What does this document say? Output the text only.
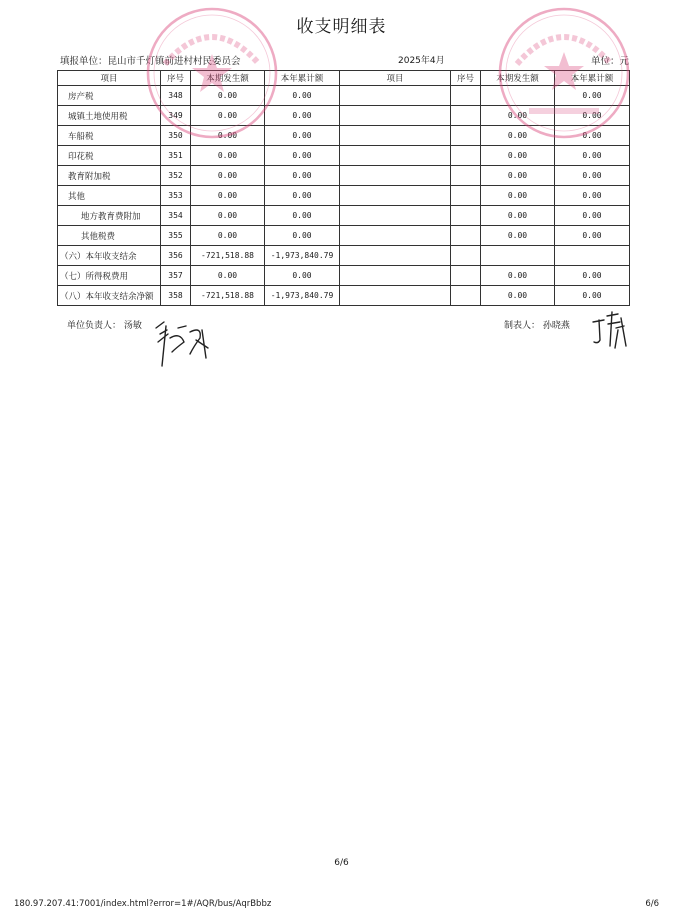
收支明细表
填报单位：昆山市千灯镇前进村村民委员会	2025年4月	单位：元
项目	序号	本期发生额	本年累计额	项目	序号	本期发生额	本年累计额
房产税	348	0.00	0.00				0.00
城镇土地使用税	349	0.00	0.00			0.00	0.00
车船税	350	0.00	0.00			0.00	0.00
印花税	351	0.00	0.00			0.00	0.00
教育附加税	352	0.00	0.00			0.00	0.00
其他	353	0.00	0.00			0.00	0.00
地方教育费附加	354	0.00	0.00			0.00	0.00
其他税费	355	0.00	0.00			0.00	0.00
（六）本年收支结余	356	-721,518.88	-1,973,840.79				
（七）所得税费用	357	0.00	0.00			0.00	0.00
（八）本年收支结余净额	358	-721,518.88	-1,973,840.79			0.00	0.00
单位负责人： 汤敏	制表人： 孙晓燕
6/6
180.97.207.41:7001/index.html?error=1#/AQR/bus/AqrBbbz	6/6
